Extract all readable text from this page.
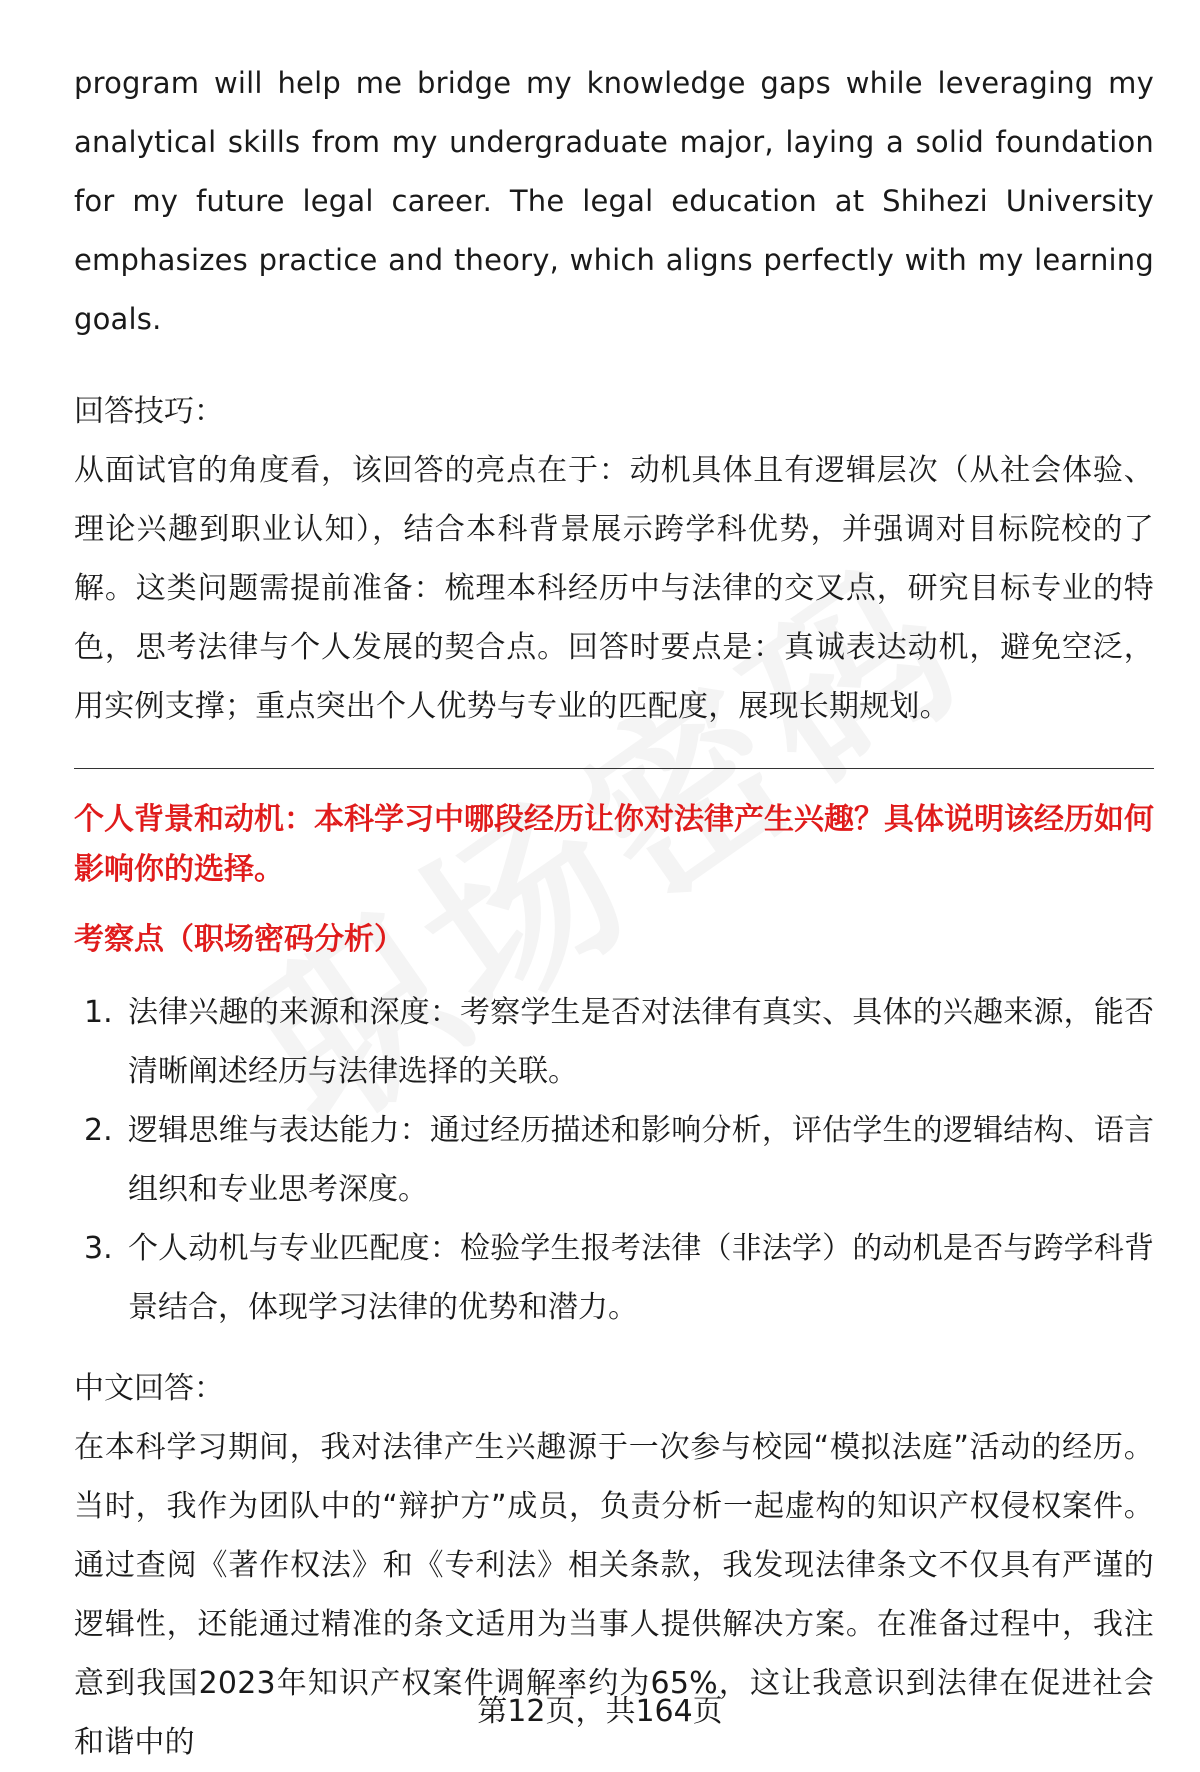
program will help me bridge my knowledge gaps while leveraging my analytical skills from my undergraduate major, laying a solid foundation for my future legal career. The legal education at Shihezi University emphasizes practice and theory, which aligns perfectly with my learning goals.

回答技巧：

从面试官的角度看，该回答的亮点在于：动机具体且有逻辑层次（从社会体验、理论兴趣到职业认知），结合本科背景展示跨学科优势，并强调对目标院校的了解。这类问题需提前准备：梳理本科经历中与法律的交叉点，研究目标专业的特色，思考法律与个人发展的契合点。回答时要点是：真诚表达动机，避免空泛，用实例支撑；重点突出个人优势与专业的匹配度，展现长期规划。

个人背景和动机：本科学习中哪段经历让你对法律产生兴趣？具体说明该经历如何影响你的选择。

考察点（职场密码分析）

1. 法律兴趣的来源和深度：考察学生是否对法律有真实、具体的兴趣来源，能否清晰阐述经历与法律选择的关联。
2. 逻辑思维与表达能力：通过经历描述和影响分析，评估学生的逻辑结构、语言组织和专业思考深度。
3. 个人动机与专业匹配度：检验学生报考法律（非法学）的动机是否与跨学科背景结合，体现学习法律的优势和潜力。

中文回答：

在本科学习期间，我对法律产生兴趣源于一次参与校园“模拟法庭”活动的经历。当时，我作为团队中的“辩护方”成员，负责分析一起虚构的知识产权侵权案件。通过查阅《著作权法》和《专利法》相关条款，我发现法律条文不仅具有严谨的逻辑性，还能通过精准的条文适用为当事人提供解决方案。在准备过程中，我注意到我国2023年知识产权案件调解率约为65%，这让我意识到法律在促进社会和谐中的

第12页，共164页
